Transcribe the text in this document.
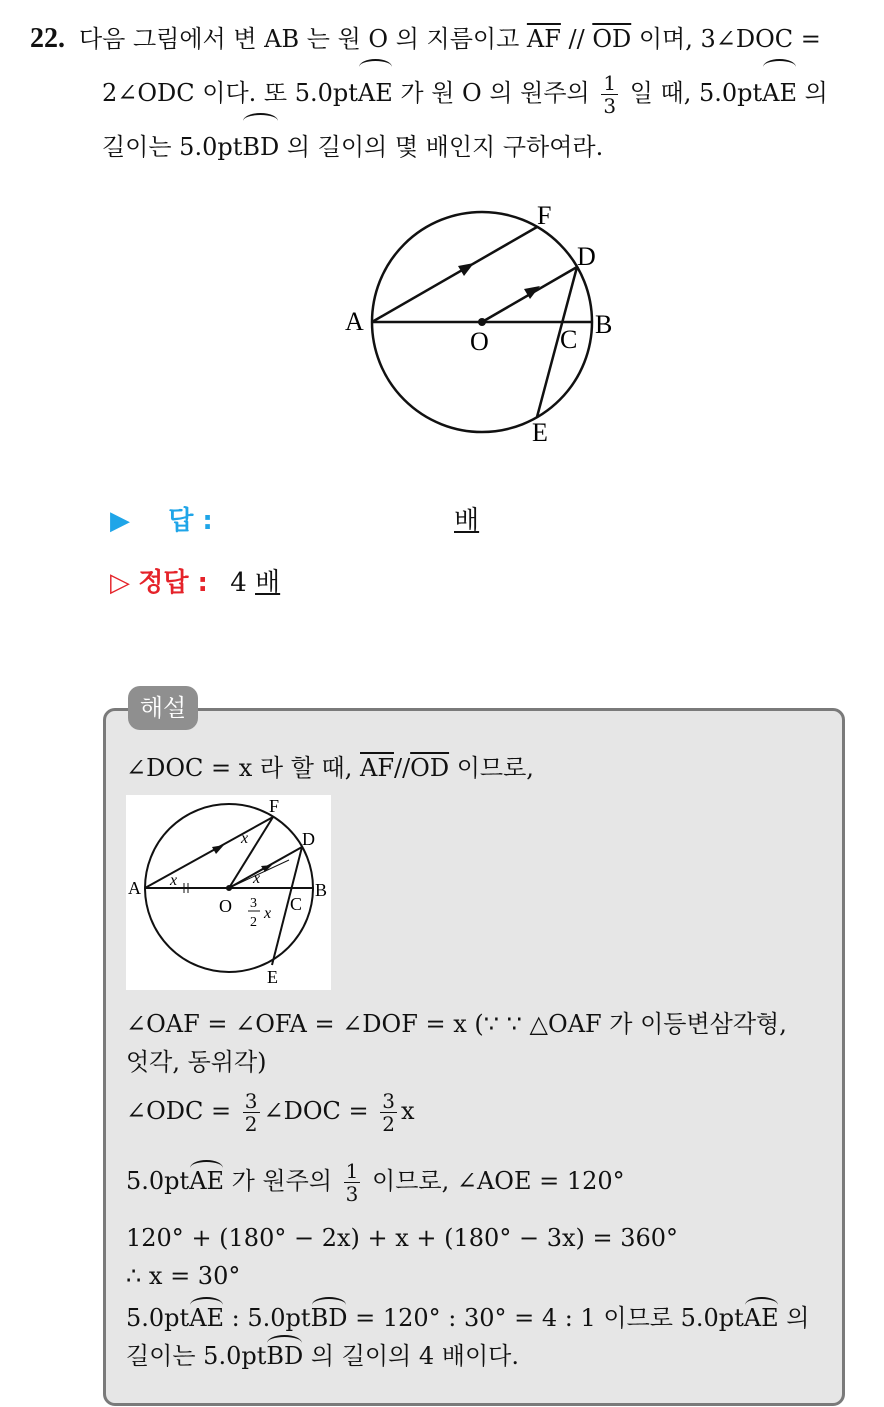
22. 다음 그림에서 변 AB 는 원 O 의 지름이고 $\overline{AF} // \overline{OD}$ 이며, 3∠DOC =
2∠ODC 이다. 또 5.0ptAE 가 원 O 의 원주의 $\frac{1}{3}$ 일 때, 5.0ptAE 의
길이는 5.0ptBD 의 길이의 몇 배인지 구하여라.
A	B
O	C
D
E
F
▶ 답 :	배
▷ 정답 : 4 배
해설
∠DOC = x 라 할 때, $\overline{AF}//\overline{OD}$ 이므로,
A	B
O	C
D
E
F
x
x
x
3
2
x
∠OAF = ∠OFA = ∠DOF = x (∵ ∵ △OAF 가 이등변삼각형,
엇각, 동위각)
∠ODC = $\frac{3}{2}$ ∠DOC = $\frac{3}{2}$ x
5.0ptAE 가 원주의 $\frac{1}{3}$ 이므로, ∠AOE = 120°
120° + (180° − 2x) + x + (180° − 3x) = 360°
∴ x = 30°
5.0ptAE : 5.0ptBD = 120° : 30° = 4 : 1 이므로 5.0ptAE 의
길이는 5.0ptBD 의 길이의 4 배이다.
